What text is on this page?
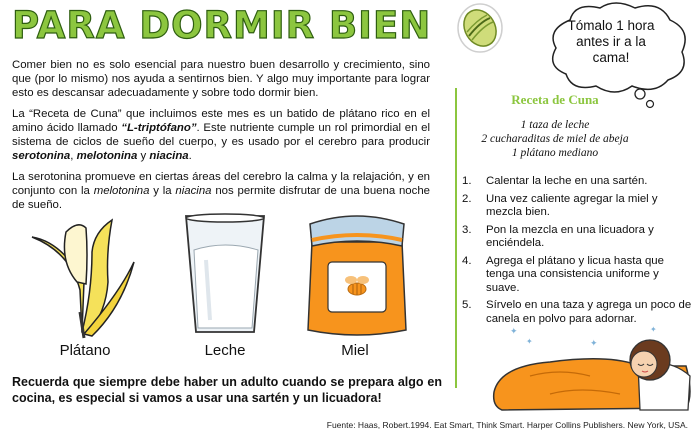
PARA DORMIR BIEN	Tómalo 1 hora antes ir a la cama!

Comer bien no es solo esencial para nuestro buen desarrollo y crecimiento, sino que (por lo mismo) nos ayuda a sentirnos bien. Y algo muy importante para lograr esto es descansar adecuadamente y sobre todo dormir bien.

La “Receta de Cuna” que incluimos este mes es un batido de plátano rico en el amino ácido llamado “L-triptófano”. Este nutriente cumple un rol primordial en el sistema de ciclos de sueño del cuerpo, y es usado por el cerebro para producir serotonina, melotonina y niacina.

La serotonina promueve en ciertas áreas del cerebro la calma y la relajación, y en conjunto con la melotonina y la niacina nos permite disfrutar de una buena noche de sueño.

Plátano	Leche	Miel
Receta de Cuna
1 taza de leche
2 cucharaditas de miel de abeja
1 plátano mediano
1.	Calentar la leche en una sartén.
2.	Una vez caliente agregar la miel y mezcla bien.
3.	Pon la mezcla en una licuadora y enciéndela.
4.	Agrega el plátano y licua hasta que tenga una consistencia uniforme y suave.
5.	Sírvelo en una taza y agrega un poco de canela en polvo para adornar.
✦
✦	✦
✦
Recuerda que siempre debe haber un adulto cuando se prepara algo en cocina, es especial si vamos a usar una sartén y un licuadora!
Fuente: Haas, Robert.1994. Eat Smart, Think Smart. Harper Collins Publishers. New York, USA.
